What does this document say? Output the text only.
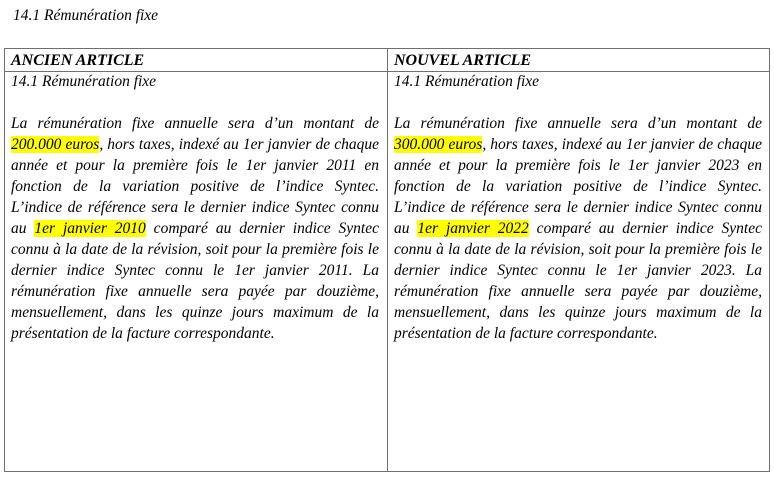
14.1 Rémunération fixe
ANCIEN ARTICLE	NOUVEL ARTICLE

14.1 Rémunération fixe

La rémunération fixe annuelle sera d’un montant de 200.000 euros, hors taxes, indexé au 1er janvier de chaque année et pour la première fois le 1er janvier 2011 en fonction de la variation positive de l’indice Syntec. L’indice de référence sera le dernier indice Syntec connu au 1er janvier 2010 comparé au dernier indice Syntec connu à la date de la révision, soit pour la première fois le dernier indice Syntec connu le 1er janvier 2011. La rémunération fixe annuelle sera payée par douzième, mensuellement, dans les quinze jours maximum de la présentation de la facture correspondante.

14.1 Rémunération fixe

La rémunération fixe annuelle sera d’un montant de 300.000 euros, hors taxes, indexé au 1er janvier de chaque année et pour la première fois le 1er janvier 2023 en fonction de la variation positive de l’indice Syntec. L’indice de référence sera le dernier indice Syntec connu au 1er janvier 2022 comparé au dernier indice Syntec connu à la date de la révision, soit pour la première fois le dernier indice Syntec connu le 1er janvier 2023. La rémunération fixe annuelle sera payée par douzième, mensuellement, dans les quinze jours maximum de la présentation de la facture correspondante.
